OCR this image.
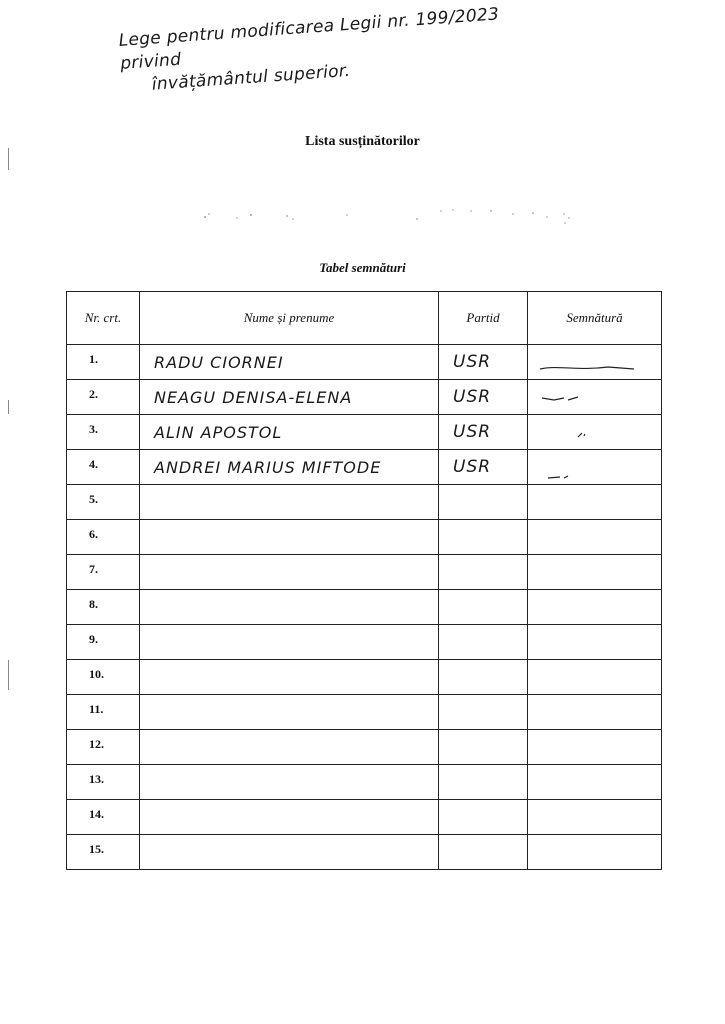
Lege pentru modificarea Legii nr. 199/2023 privind
învățământul superior.
Lista susținătorilor
Tabel semnături
Nr. crt.	Nume și prenume	Partid	Semnătură
1.	RADU CIORNEI	USR	

2.	NEAGU DENISA-ELENA	USR	

3.	ALIN APOSTOL	USR	

4.	ANDREI MARIUS MIFTODE	USR	

5.			
6.			
7.			
8.			
9.			
10.			
11.			
12.			
13.			
14.			
15.			
